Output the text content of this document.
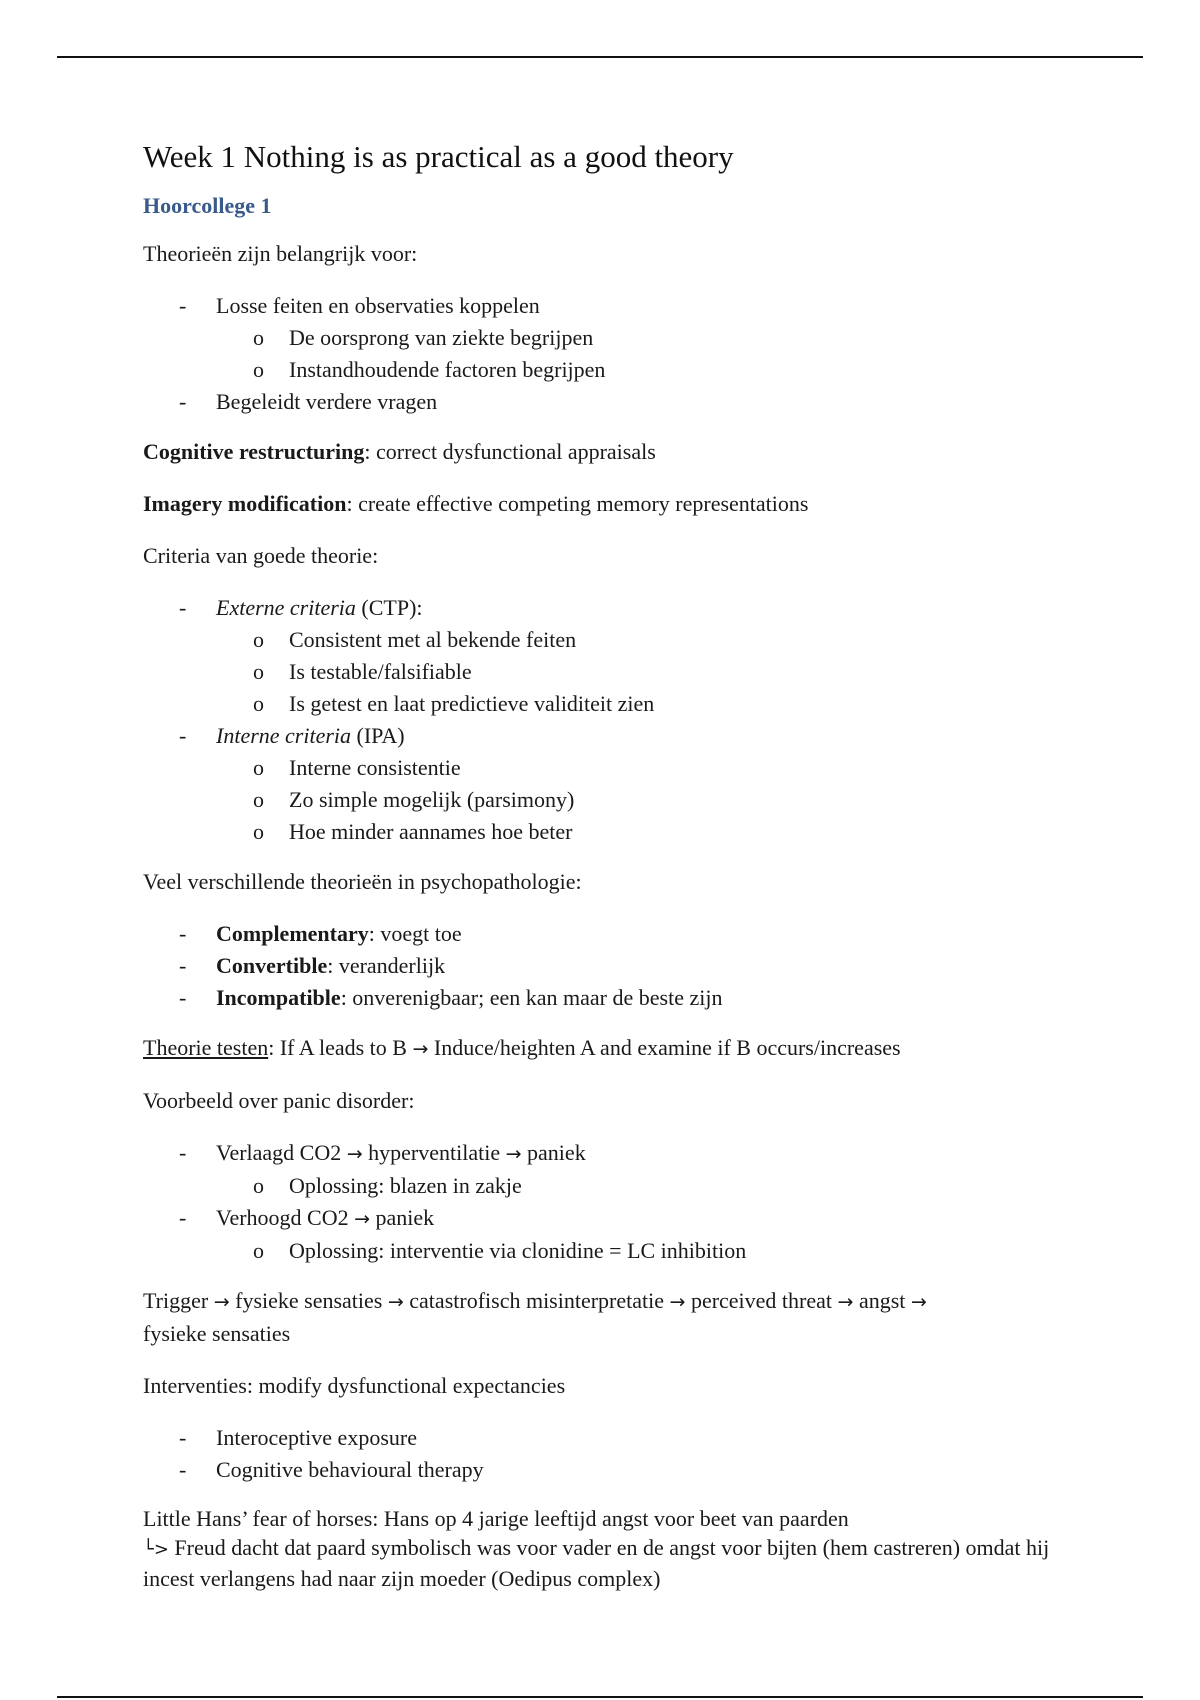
Week 1 Nothing is as practical as a good theory
Hoorcollege 1

Theorieën zijn belangrijk voor:

- Losse feiten en observaties koppelen
o De oorsprong van ziekte begrijpen
o Instandhoudende factoren begrijpen
- Begeleidt verdere vragen

Cognitive restructuring: correct dysfunctional appraisals

Imagery modification: create effective competing memory representations

Criteria van goede theorie:

- Externe criteria (CTP):
o Consistent met al bekende feiten
o Is testable/falsifiable
o Is getest en laat predictieve validiteit zien
- Interne criteria (IPA)
o Interne consistentie
o Zo simple mogelijk (parsimony)
o Hoe minder aannames hoe beter

Veel verschillende theorieën in psychopathologie:

- Complementary: voegt toe
- Convertible: veranderlijk
- Incompatible: onverenigbaar; een kan maar de beste zijn

Theorie testen: If A leads to B → Induce/heighten A and examine if B occurs/increases

Voorbeeld over panic disorder:

- Verlaagd CO2 → hyperventilatie → paniek
o Oplossing: blazen in zakje
- Verhoogd CO2 → paniek
o Oplossing: interventie via clonidine = LC inhibition

Trigger → fysieke sensaties → catastrofisch misinterpretatie → perceived threat → angst →
fysieke sensaties

Interventies: modify dysfunctional expectancies

- Interoceptive exposure
- Cognitive behavioural therapy

Little Hans’ fear of horses: Hans op 4 jarige leeftijd angst voor beet van paarden
└> Freud dacht dat paard symbolisch was voor vader en de angst voor bijten (hem castreren) omdat hij incest verlangens had naar zijn moeder (Oedipus complex)
